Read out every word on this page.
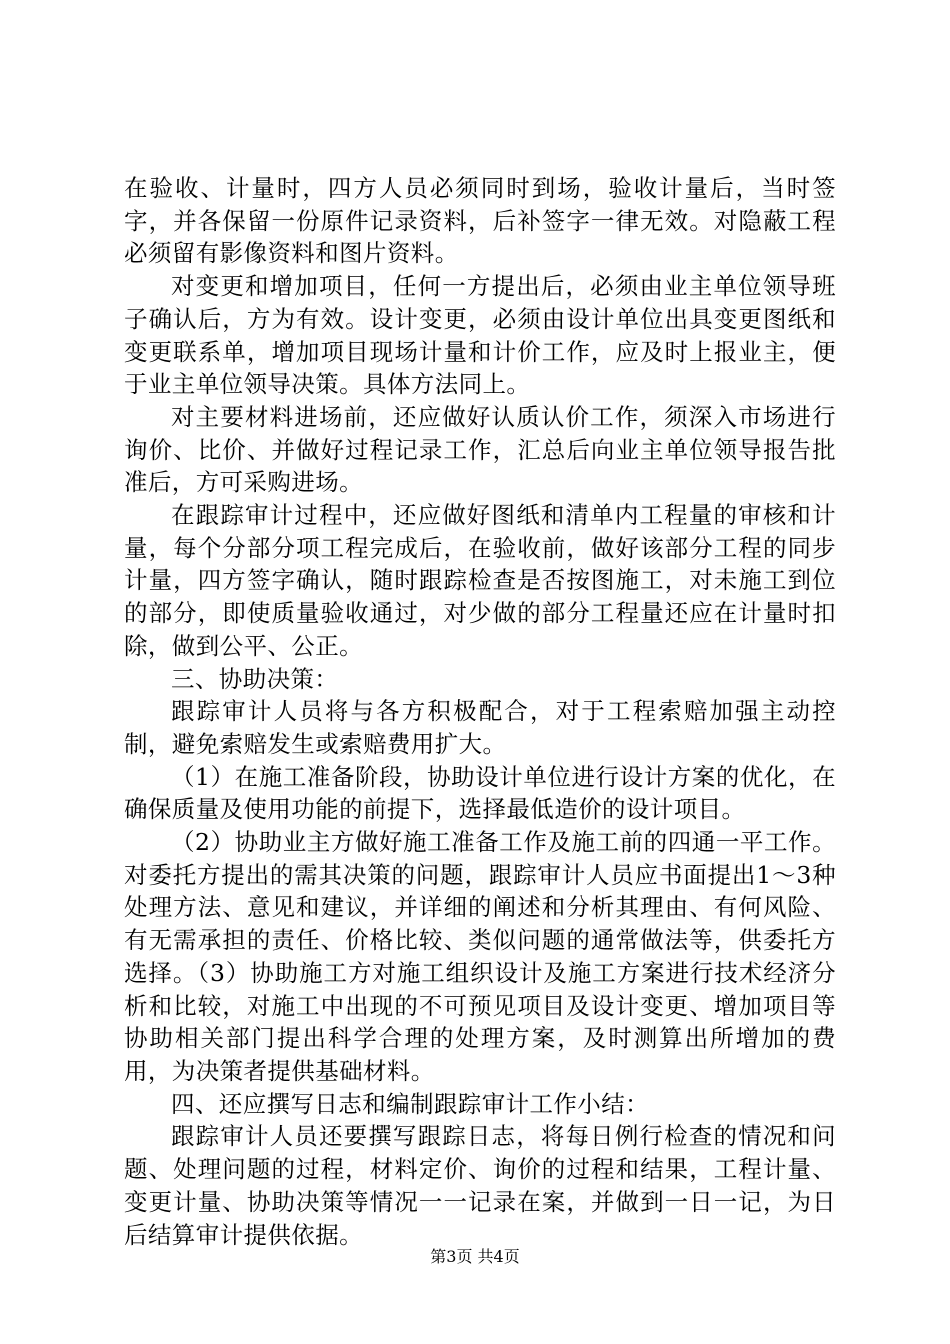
在验收、计量时，四方人员必须同时到场，验收计量后，当时签字，并各保留一份原件记录资料，后补签字一律无效。对隐蔽工程必须留有影像资料和图片资料。

对变更和增加项目，任何一方提出后，必须由业主单位领导班子确认后，方为有效。设计变更，必须由设计单位出具变更图纸和变更联系单，增加项目现场计量和计价工作，应及时上报业主，便于业主单位领导决策。具体方法同上。

对主要材料进场前，还应做好认质认价工作，须深入市场进行询价、比价、并做好过程记录工作，汇总后向业主单位领导报告批准后，方可采购进场。

在跟踪审计过程中，还应做好图纸和清单内工程量的审核和计量，每个分部分项工程完成后，在验收前，做好该部分工程的同步计量，四方签字确认，随时跟踪检查是否按图施工，对未施工到位的部分，即使质量验收通过，对少做的部分工程量还应在计量时扣除，做到公平、公正。

三、协助决策：

跟踪审计人员将与各方积极配合，对于工程索赔加强主动控制，避免索赔发生或索赔费用扩大。

（1）在施工准备阶段，协助设计单位进行设计方案的优化，在确保质量及使用功能的前提下，选择最低造价的设计项目。

（2）协助业主方做好施工准备工作及施工前的四通一平工作。对委托方提出的需其决策的问题，跟踪审计人员应书面提出1～3种处理方法、意见和建议，并详细的阐述和分析其理由、有何风险、有无需承担的责任、价格比较、类似问题的通常做法等，供委托方选择。（3）协助施工方对施工组织设计及施工方案进行技术经济分析和比较，对施工中出现的不可预见项目及设计变更、增加项目等协助相关部门提出科学合理的处理方案，及时测算出所增加的费用，为决策者提供基础材料。

四、还应撰写日志和编制跟踪审计工作小结：

跟踪审计人员还要撰写跟踪日志，将每日例行检查的情况和问题、处理问题的过程，材料定价、询价的过程和结果，工程计量、变更计量、协助决策等情况一一记录在案，并做到一日一记，为日后结算审计提供依据。

第3页 共4页
